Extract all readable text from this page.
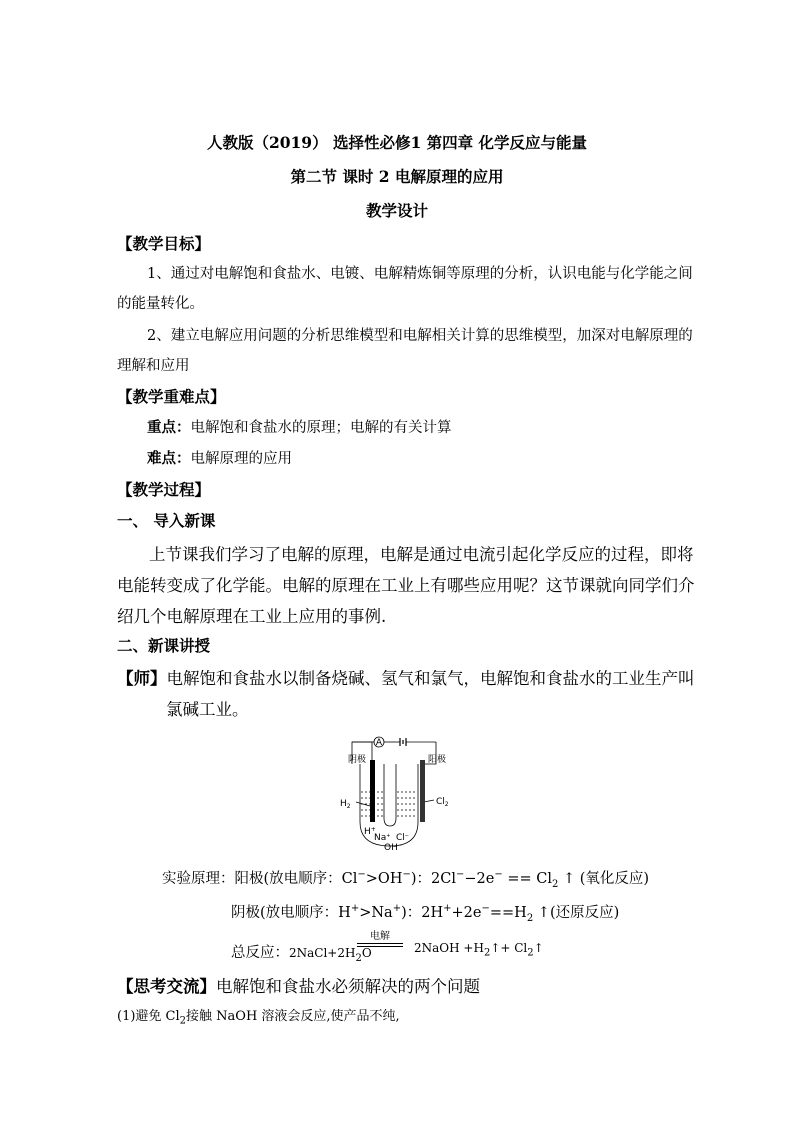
人教版（2019） 选择性必修1 第四章 化学反应与能量
第二节 课时 2 电解原理的应用
教学设计
【教学目标】
1、通过对电解饱和食盐水、电镀、电解精炼铜等原理的分析，认识电能与化学能之间
的能量转化。
2、建立电解应用问题的分析思维模型和电解相关计算的思维模型，加深对电解原理的
理解和应用
【教学重难点】
重点：电解饱和食盐水的原理；电解的有关计算
难点：电解原理的应用
【教学过程】
一、 导入新课
上节课我们学习了电解的原理，电解是通过电流引起化学反应的过程，即将
电能转变成了化学能。电解的原理在工业上有哪些应用呢？这节课就向同学们介
绍几个电解原理在工业上应用的事例.
二、新课讲授
【师】电解饱和食盐水以制备烧碱、氢气和氯气，电解饱和食盐水的工业生产叫
氯碱工业。
A
阴极	阳极
$H_2$	$Cl_2$
H+
Na+ Cl−
OH−
实验原理：阳极(放电顺序：Cl−>OH−)：$2Cl^--2e^- == Cl_2$ ↑ (氧化反应)
阴极(放电顺序：H+>Na+)：$2H^++2e^-==H_2$ ↑(还原反应)
总反应：$2NaCl+2H_2O$
电解
2NaOH $+H_2↑+$ $Cl_2↑$
【思考交流】电解饱和食盐水必须解决的两个问题
(1)避免 $Cl_2$接触 NaOH 溶液会反应,使产品不纯,
